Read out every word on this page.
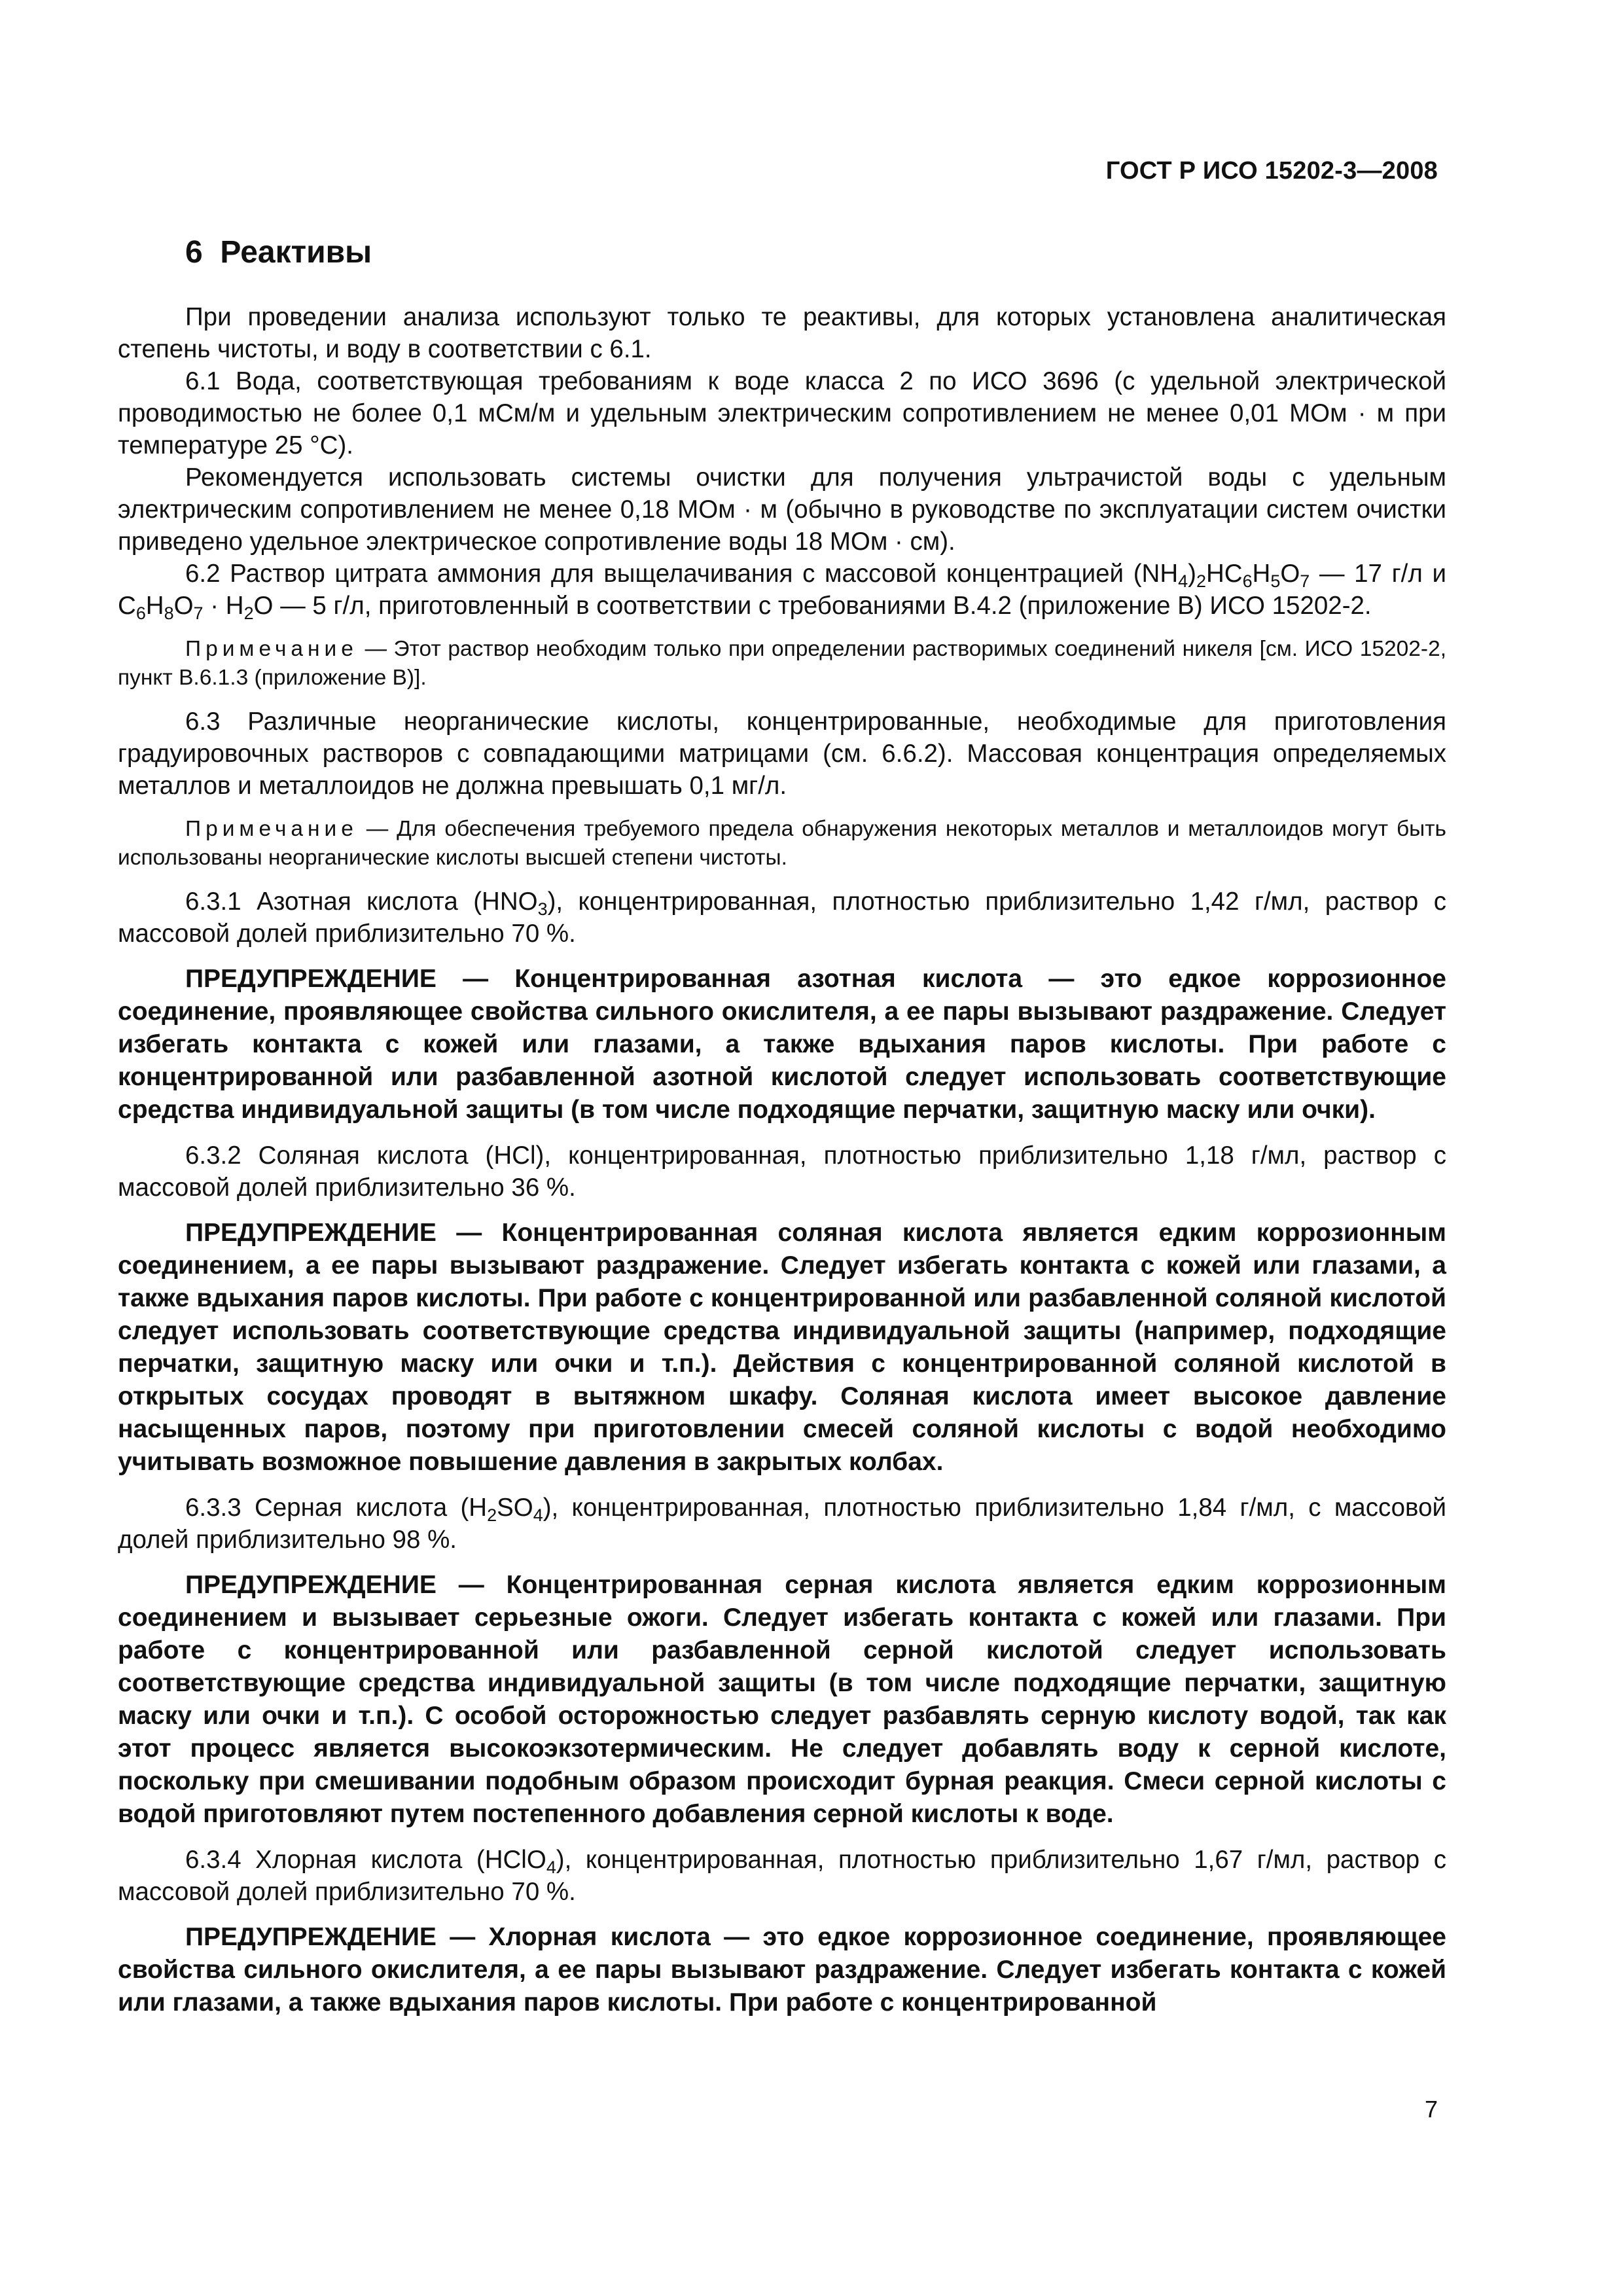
ГОСТ Р ИСО 15202-3—2008
6 Реактивы

При проведении анализа используют только те реактивы, для которых установлена аналитическая степень чистоты, и воду в соответствии с 6.1.

6.1 Вода, соответствующая требованиям к воде класса 2 по ИСО 3696 (с удельной электрической проводимостью не более 0,1 мСм/м и удельным электрическим сопротивлением не менее 0,01 МОм · м при температуре 25 °С).

Рекомендуется использовать системы очистки для получения ультрачистой воды с удельным электрическим сопротивлением не менее 0,18 МОм · м (обычно в руководстве по эксплуатации систем очистки приведено удельное электрическое сопротивление воды 18 МОм · см).

6.2 Раствор цитрата аммония для выщелачивания с массовой концентрацией $(NH_4)_2HC_6H_5O_7$ — 17 г/л и $C_6H_8O_7 \cdot H_2O$ — 5 г/л, приготовленный в соответствии с требованиями В.4.2 (приложение В) ИСО 15202-2.

Примечание — Этот раствор необходим только при определении растворимых соединений никеля [см. ИСО 15202-2, пункт В.6.1.3 (приложение В)].

6.3 Различные неорганические кислоты, концентрированные, необходимые для приготовления градуировочных растворов с совпадающими матрицами (см. 6.6.2). Массовая концентрация определяемых металлов и металлоидов не должна превышать 0,1 мг/л.

Примечание — Для обеспечения требуемого предела обнаружения некоторых металлов и металлоидов могут быть использованы неорганические кислоты высшей степени чистоты.

6.3.1 Азотная кислота $(HNO_3)$, концентрированная, плотностью приблизительно 1,42 г/мл, раствор с массовой долей приблизительно 70 %.

ПРЕДУПРЕЖДЕНИЕ — Концентрированная азотная кислота — это едкое коррозионное соединение, проявляющее свойства сильного окислителя, а ее пары вызывают раздражение. Следует избегать контакта с кожей или глазами, а также вдыхания паров кислоты. При работе с концентрированной или разбавленной азотной кислотой следует использовать соответствующие средства индивидуальной защиты (в том числе подходящие перчатки, защитную маску или очки).

6.3.2 Соляная кислота (HCl), концентрированная, плотностью приблизительно 1,18 г/мл, раствор с массовой долей приблизительно 36 %.

ПРЕДУПРЕЖДЕНИЕ — Концентрированная соляная кислота является едким коррозионным соединением, а ее пары вызывают раздражение. Следует избегать контакта с кожей или глазами, а также вдыхания паров кислоты. При работе с концентрированной или разбавленной соляной кислотой следует использовать соответствующие средства индивидуальной защиты (например, подходящие перчатки, защитную маску или очки и т.п.). Действия с концентрированной соляной кислотой в открытых сосудах проводят в вытяжном шкафу. Соляная кислота имеет высокое давление насыщенных паров, поэтому при приготовлении смесей соляной кислоты с водой необходимо учитывать возможное повышение давления в закрытых колбах.

6.3.3 Серная кислота $(H_2SO_4)$, концентрированная, плотностью приблизительно 1,84 г/мл, с массовой долей приблизительно 98 %.

ПРЕДУПРЕЖДЕНИЕ — Концентрированная серная кислота является едким коррозионным соединением и вызывает серьезные ожоги. Следует избегать контакта с кожей или глазами. При работе с концентрированной или разбавленной серной кислотой следует использовать соответствующие средства индивидуальной защиты (в том числе подходящие перчатки, защитную маску или очки и т.п.). С особой осторожностью следует разбавлять серную кислоту водой, так как этот процесс является высокоэкзотермическим. Не следует добавлять воду к серной кислоте, поскольку при смешивании подобным образом происходит бурная реакция. Смеси серной кислоты с водой приготовляют путем постепенного добавления серной кислоты к воде.

6.3.4 Хлорная кислота (HClO$_4$), концентрированная, плотностью приблизительно 1,67 г/мл, раствор с массовой долей приблизительно 70 %.

ПРЕДУПРЕЖДЕНИЕ — Хлорная кислота — это едкое коррозионное соединение, проявляющее свойства сильного окислителя, а ее пары вызывают раздражение. Следует избегать контакта с кожей или глазами, а также вдыхания паров кислоты. При работе с концентрированной

7
